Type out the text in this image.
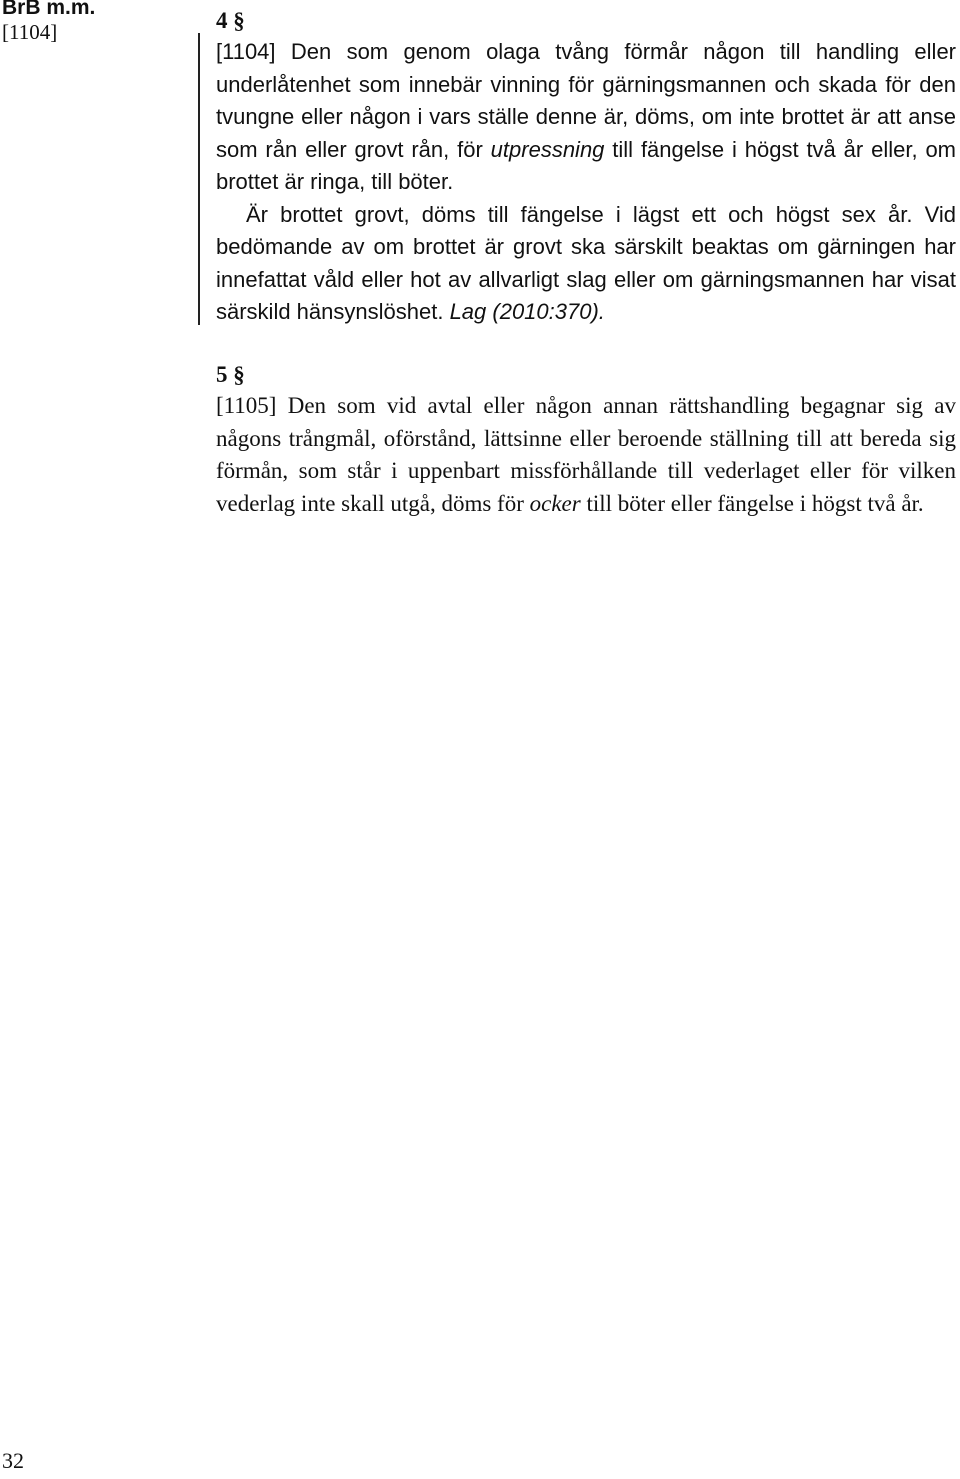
BrB m.m.
[1104]	4 §

[1104] Den som genom olaga tvång förmår någon till handling eller underlåtenhet som innebär vinning för gärningsmannen och skada för den tvungne eller någon i vars ställe denne är, döms, om inte brottet är att anse som rån eller grovt rån, för utpressning till fängelse i högst två år eller, om brottet är ringa, till böter.

Är brottet grovt, döms till fängelse i lägst ett och högst sex år. Vid bedömande av om brottet är grovt ska särskilt beaktas om gärningen har innefattat våld eller hot av allvarligt slag eller om gärningsmannen har visat särskild hänsynslöshet. Lag (2010:370).

5 §

[1105] Den som vid avtal eller någon annan rättshandling begagnar sig av någons trångmål, oförstånd, lättsinne eller beroende ställning till att bereda sig förmån, som står i uppenbart missförhållande till vederlaget eller för vilken vederlag inte skall utgå, döms för ocker till böter eller fängelse i högst två år.

32
